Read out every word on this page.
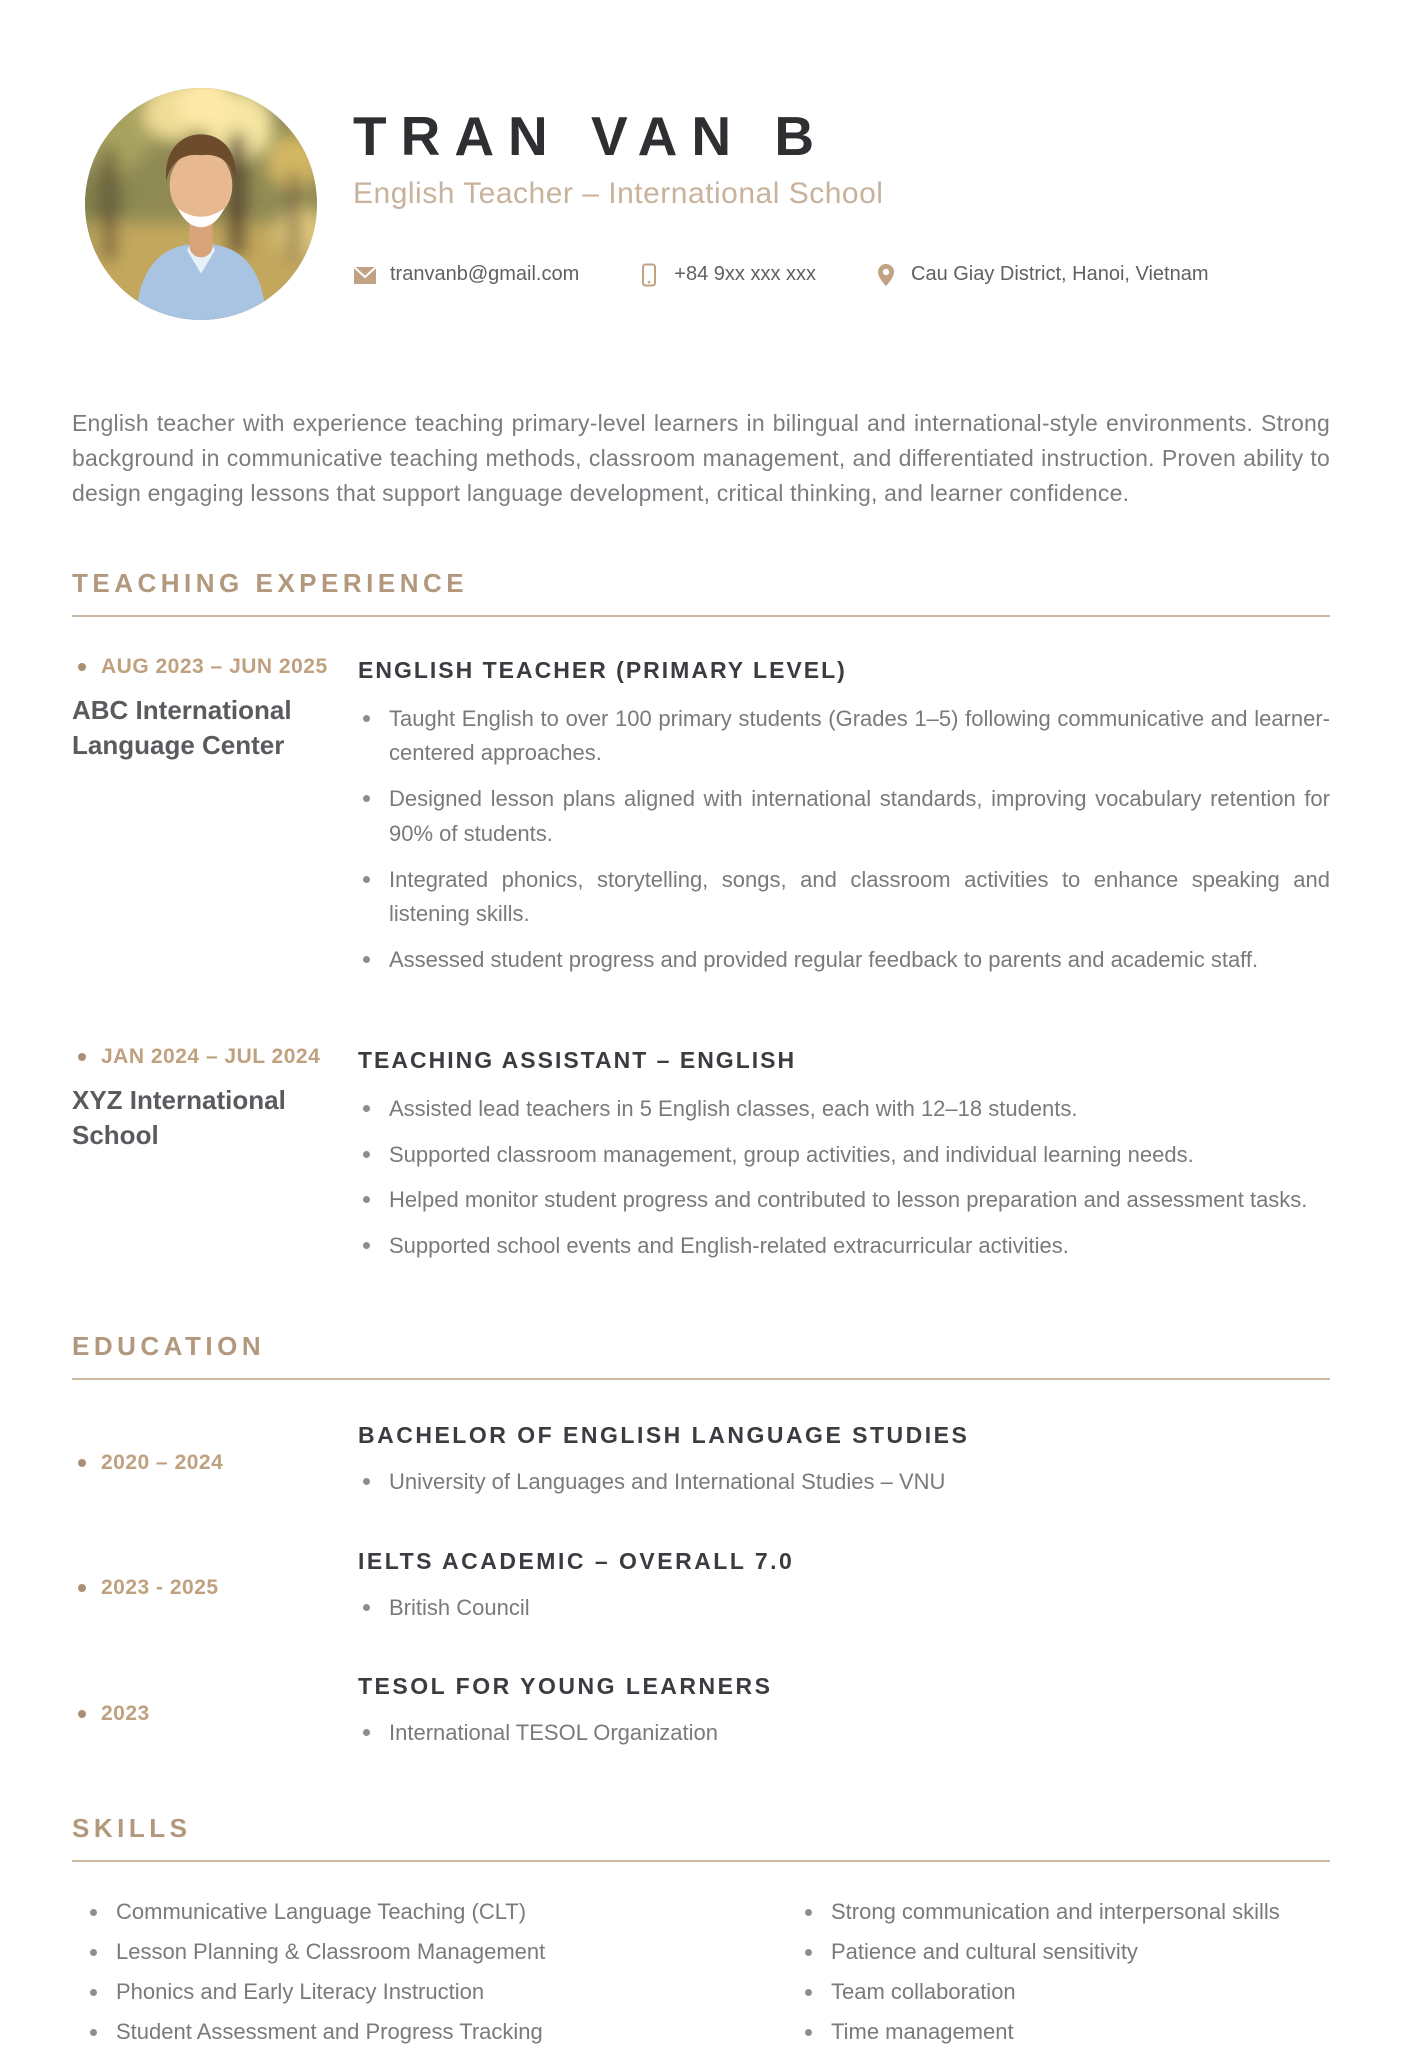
TRAN VAN B
English Teacher – International School
tranvanb@gmail.com	+84 9xx xxx xxx	Cau Giay District, Hanoi, Vietnam

English teacher with experience teaching primary-level learners in bilingual and international-style environments. Strong background in communicative teaching methods, classroom management, and differentiated instruction. Proven ability to design engaging lessons that support language development, critical thinking, and learner confidence.

TEACHING EXPERIENCE
AUG 2023 – JUN 2025
ABC International Language Center
ENGLISH TEACHER (PRIMARY LEVEL)
Taught English to over 100 primary students (Grades 1–5) following communicative and learner-centered approaches.
Designed lesson plans aligned with international standards, improving vocabulary retention for 90% of students.
Integrated phonics, storytelling, songs, and classroom activities to enhance speaking and listening skills.
Assessed student progress and provided regular feedback to parents and academic staff.
JAN 2024 – JUL 2024
XYZ International School
TEACHING ASSISTANT – ENGLISH
Assisted lead teachers in 5 English classes, each with 12–18 students.
Supported classroom management, group activities, and individual learning needs.
Helped monitor student progress and contributed to lesson preparation and assessment tasks.
Supported school events and English-related extracurricular activities.
EDUCATION
2020 – 2024
BACHELOR OF ENGLISH LANGUAGE STUDIES
University of Languages and International Studies – VNU
2023 - 2025
IELTS ACADEMIC – OVERALL 7.0
British Council
2023
TESOL FOR YOUNG LEARNERS
International TESOL Organization
SKILLS
Communicative Language Teaching (CLT)
Lesson Planning & Classroom Management
Phonics and Early Literacy Instruction
Student Assessment and Progress Tracking
Strong communication and interpersonal skills
Patience and cultural sensitivity
Team collaboration
Time management
